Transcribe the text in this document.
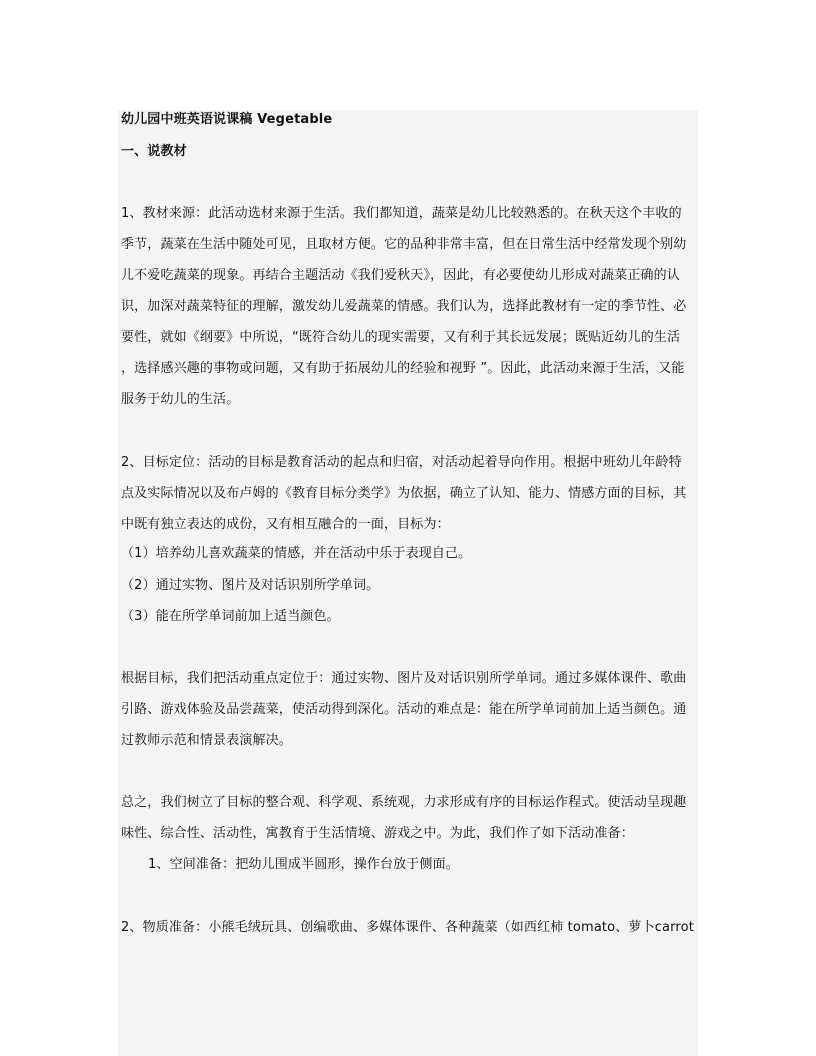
幼儿园中班英语说课稿 Vegetable
一、说教材
1、教材来源：此活动选材来源于生活。我们都知道，蔬菜是幼儿比较熟悉的。在秋天这个丰收的
季节，蔬菜在生活中随处可见，且取材方便。它的品种非常丰富，但在日常生活中经常发现个别幼
儿不爱吃蔬菜的现象。再结合主题活动《我们爱秋天》，因此，有必要使幼儿形成对蔬菜正确的认
识，加深对蔬菜特征的理解，激发幼儿爱蔬菜的情感。我们认为，选择此教材有一定的季节性、必
要性，就如《纲要》中所说，“既符合幼儿的现实需要，又有利于其长远发展；既贴近幼儿的生活
，选择感兴趣的事物或问题，又有助于拓展幼儿的经验和视野 ”。因此，此活动来源于生活，又能
服务于幼儿的生活。
2、目标定位：活动的目标是教育活动的起点和归宿，对活动起着导向作用。根据中班幼儿年龄特
点及实际情况以及布卢姆的《教育目标分类学》为依据，确立了认知、能力、情感方面的目标，其
中既有独立表达的成份，又有相互融合的一面，目标为：
（1）培养幼儿喜欢蔬菜的情感，并在活动中乐于表现自己。
（2）通过实物、图片及对话识别所学单词。
（3）能在所学单词前加上适当颜色。
根据目标，我们把活动重点定位于：通过实物、图片及对话识别所学单词。通过多媒体课件、歌曲
引路、游戏体验及品尝蔬菜，使活动得到深化。活动的难点是：能在所学单词前加上适当颜色。通
过教师示范和情景表演解决。
总之，我们树立了目标的整合观、科学观、系统观，力求形成有序的目标运作程式。使活动呈现趣
味性、综合性、活动性，寓教育于生活情境、游戏之中。为此，我们作了如下活动准备：
1、空间准备：把幼儿围成半圆形，操作台放于侧面。
2、物质准备：小熊毛绒玩具、创编歌曲、多媒体课件、各种蔬菜（如西红柿 tomato、萝卜carrot
